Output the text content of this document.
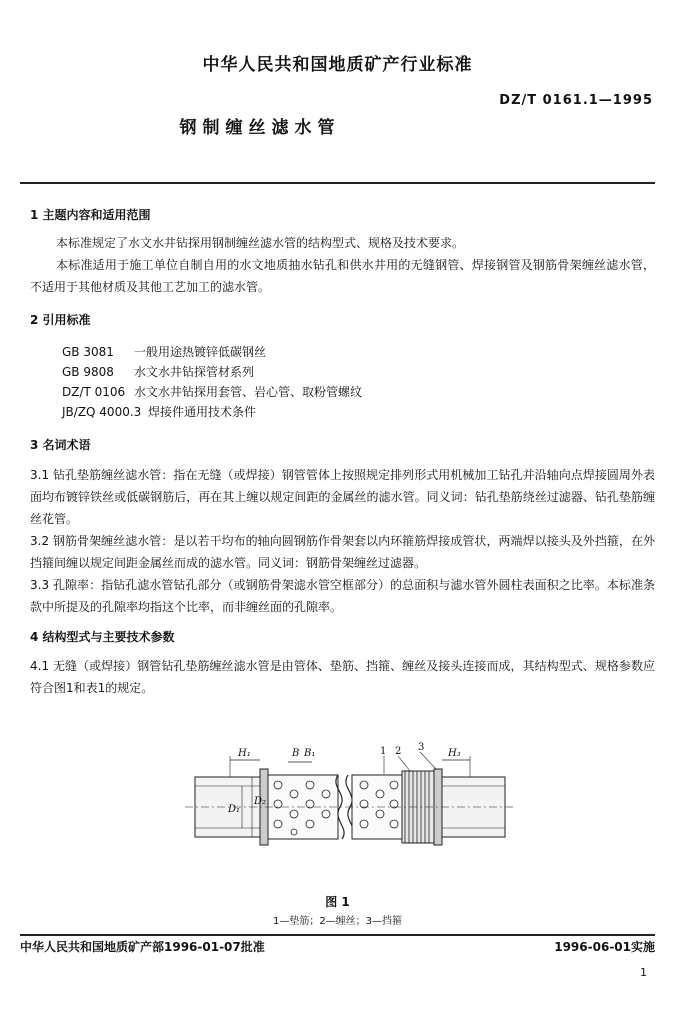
中华人民共和国地质矿产行业标准
DZ/T 0161.1—1995
钢制缠丝滤水管
1 主题内容和适用范围
本标准规定了水文水井钻探用钢制缠丝滤水管的结构型式、规格及技术要求。
本标准适用于施工单位自制自用的水文地质抽水钻孔和供水井用的无缝钢管、焊接钢管及钢筋骨架缠丝滤水管，不适用于其他材质及其他工艺加工的滤水管。
2 引用标准
GB 3081 一般用途热镀锌低碳钢丝
GB 9808 水文水井钻探管材系列
DZ/T 0106 水文水井钻探用套管、岩心管、取粉管螺纹
JB/ZQ 4000.3 焊接件通用技术条件
3 名词术语
3.1 钻孔垫筋缠丝滤水管：指在无缝（或焊接）钢管管体上按照规定排列形式用机械加工钻孔并沿轴向点焊接圆周外表面均布镀锌铁丝或低碳钢筋后，再在其上缠以规定间距的金属丝的滤水管。同义词：钻孔垫筋绕丝过滤器、钻孔垫筋缠丝花管。
3.2 钢筋骨架缠丝滤水管：是以若干均布的轴向圆钢筋作骨架套以内环箍筋焊接成管状，两端焊以接头及外挡箍，在外挡箍间缠以规定间距金属丝而成的滤水管。同义词：钢筋骨架缠丝过滤器。
3.3 孔隙率：指钻孔滤水管钻孔部分（或钢筋骨架滤水管空框部分）的总面积与滤水管外圆柱表面积之比率。本标准条款中所提及的孔隙率均指这个比率，而非缠丝面的孔隙率。
4 结构型式与主要技术参数
4.1 无缝（或焊接）钢管钻孔垫筋缠丝滤水管是由管体、垫筋、挡箍、缠丝及接头连接而成，其结构型式、规格参数应符合图1和表1的规定。
H₁	B B₁
D₁
D₂
H₃
1 2 3
图 1
1—垫筋；2—缠丝；3—挡箍
中华人民共和国地质矿产部1996-01-07批准	1996-06-01实施
1
